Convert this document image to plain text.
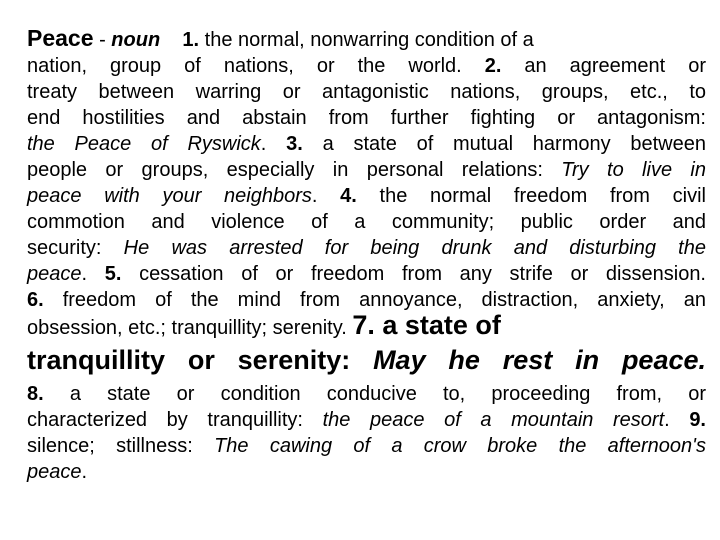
Peace - noun 1. the normal, nonwarring condition of a
nation, group of nations, or the world. 2. an agreement or
treaty between warring or antagonistic nations, groups, etc., to
end hostilities and abstain from further fighting or antagonism:
the Peace of Ryswick. 3. a state of mutual harmony between
people or groups, especially in personal relations: Try to live in
peace with your neighbors. 4. the normal freedom from civil
commotion and violence of a community; public order and
security: He was arrested for being drunk and disturbing the
peace. 5. cessation of or freedom from any strife or dissension.
6. freedom of the mind from annoyance, distraction, anxiety, an
obsession, etc.; tranquillity; serenity. 7. a state of
tranquillity or serenity: May he rest in peace.
8. a state or condition conducive to, proceeding from, or
characterized by tranquillity: the peace of a mountain resort. 9.
silence; stillness: The cawing of a crow broke the afternoon's
peace.
